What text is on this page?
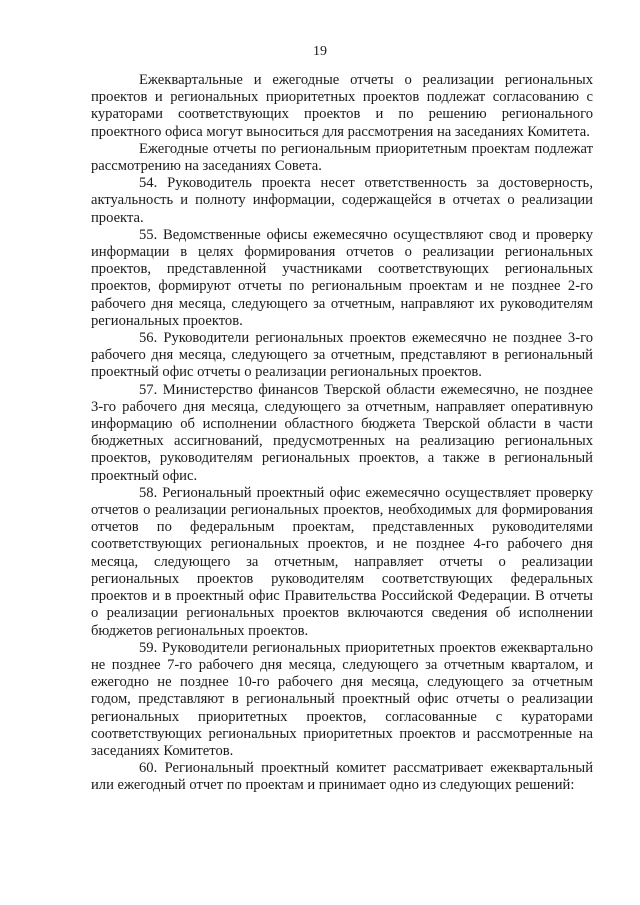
19

Ежеквартальные и ежегодные отчеты о реализации региональных проектов и региональных приоритетных проектов подлежат согласованию с кураторами соответствующих проектов и по решению регионального проектного офиса могут выноситься для рассмотрения на заседаниях Комитета.

Ежегодные отчеты по региональным приоритетным проектам подлежат рассмотрению на заседаниях Совета.

54. Руководитель проекта несет ответственность за достоверность, актуальность и полноту информации, содержащейся в отчетах о реализации проекта.

55. Ведомственные офисы ежемесячно осуществляют свод и проверку информации в целях формирования отчетов о реализации региональных проектов, представленной участниками соответствующих региональных проектов, формируют отчеты по региональным проектам и не позднее 2-го рабочего дня месяца, следующего за отчетным, направляют их руководителям региональных проектов.

56. Руководители региональных проектов ежемесячно не позднее 3-го рабочего дня месяца, следующего за отчетным, представляют в региональный проектный офис отчеты о реализации региональных проектов.

57. Министерство финансов Тверской области ежемесячно, не позднее 3-го рабочего дня месяца, следующего за отчетным, направляет оперативную информацию об исполнении областного бюджета Тверской области в части бюджетных ассигнований, предусмотренных на реализацию региональных проектов, руководителям региональных проектов, а также в региональный проектный офис.

58. Региональный проектный офис ежемесячно осуществляет проверку отчетов о реализации региональных проектов, необходимых для формирования отчетов по федеральным проектам, представленных руководителями соответствующих региональных проектов, и не позднее 4-го рабочего дня месяца, следующего за отчетным, направляет отчеты о реализации региональных проектов руководителям соответствующих федеральных проектов и в проектный офис Правительства Российской Федерации. В отчеты о реализации региональных проектов включаются сведения об исполнении бюджетов региональных проектов.

59. Руководители региональных приоритетных проектов ежеквартально не позднее 7-го рабочего дня месяца, следующего за отчетным кварталом, и ежегодно не позднее 10-го рабочего дня месяца, следующего за отчетным годом, представляют в региональный проектный офис отчеты о реализации региональных приоритетных проектов, согласованные с кураторами соответствующих региональных приоритетных проектов и рассмотренные на заседаниях Комитетов.

60. Региональный проектный комитет рассматривает ежеквартальный или ежегодный отчет по проектам и принимает одно из следующих решений:
